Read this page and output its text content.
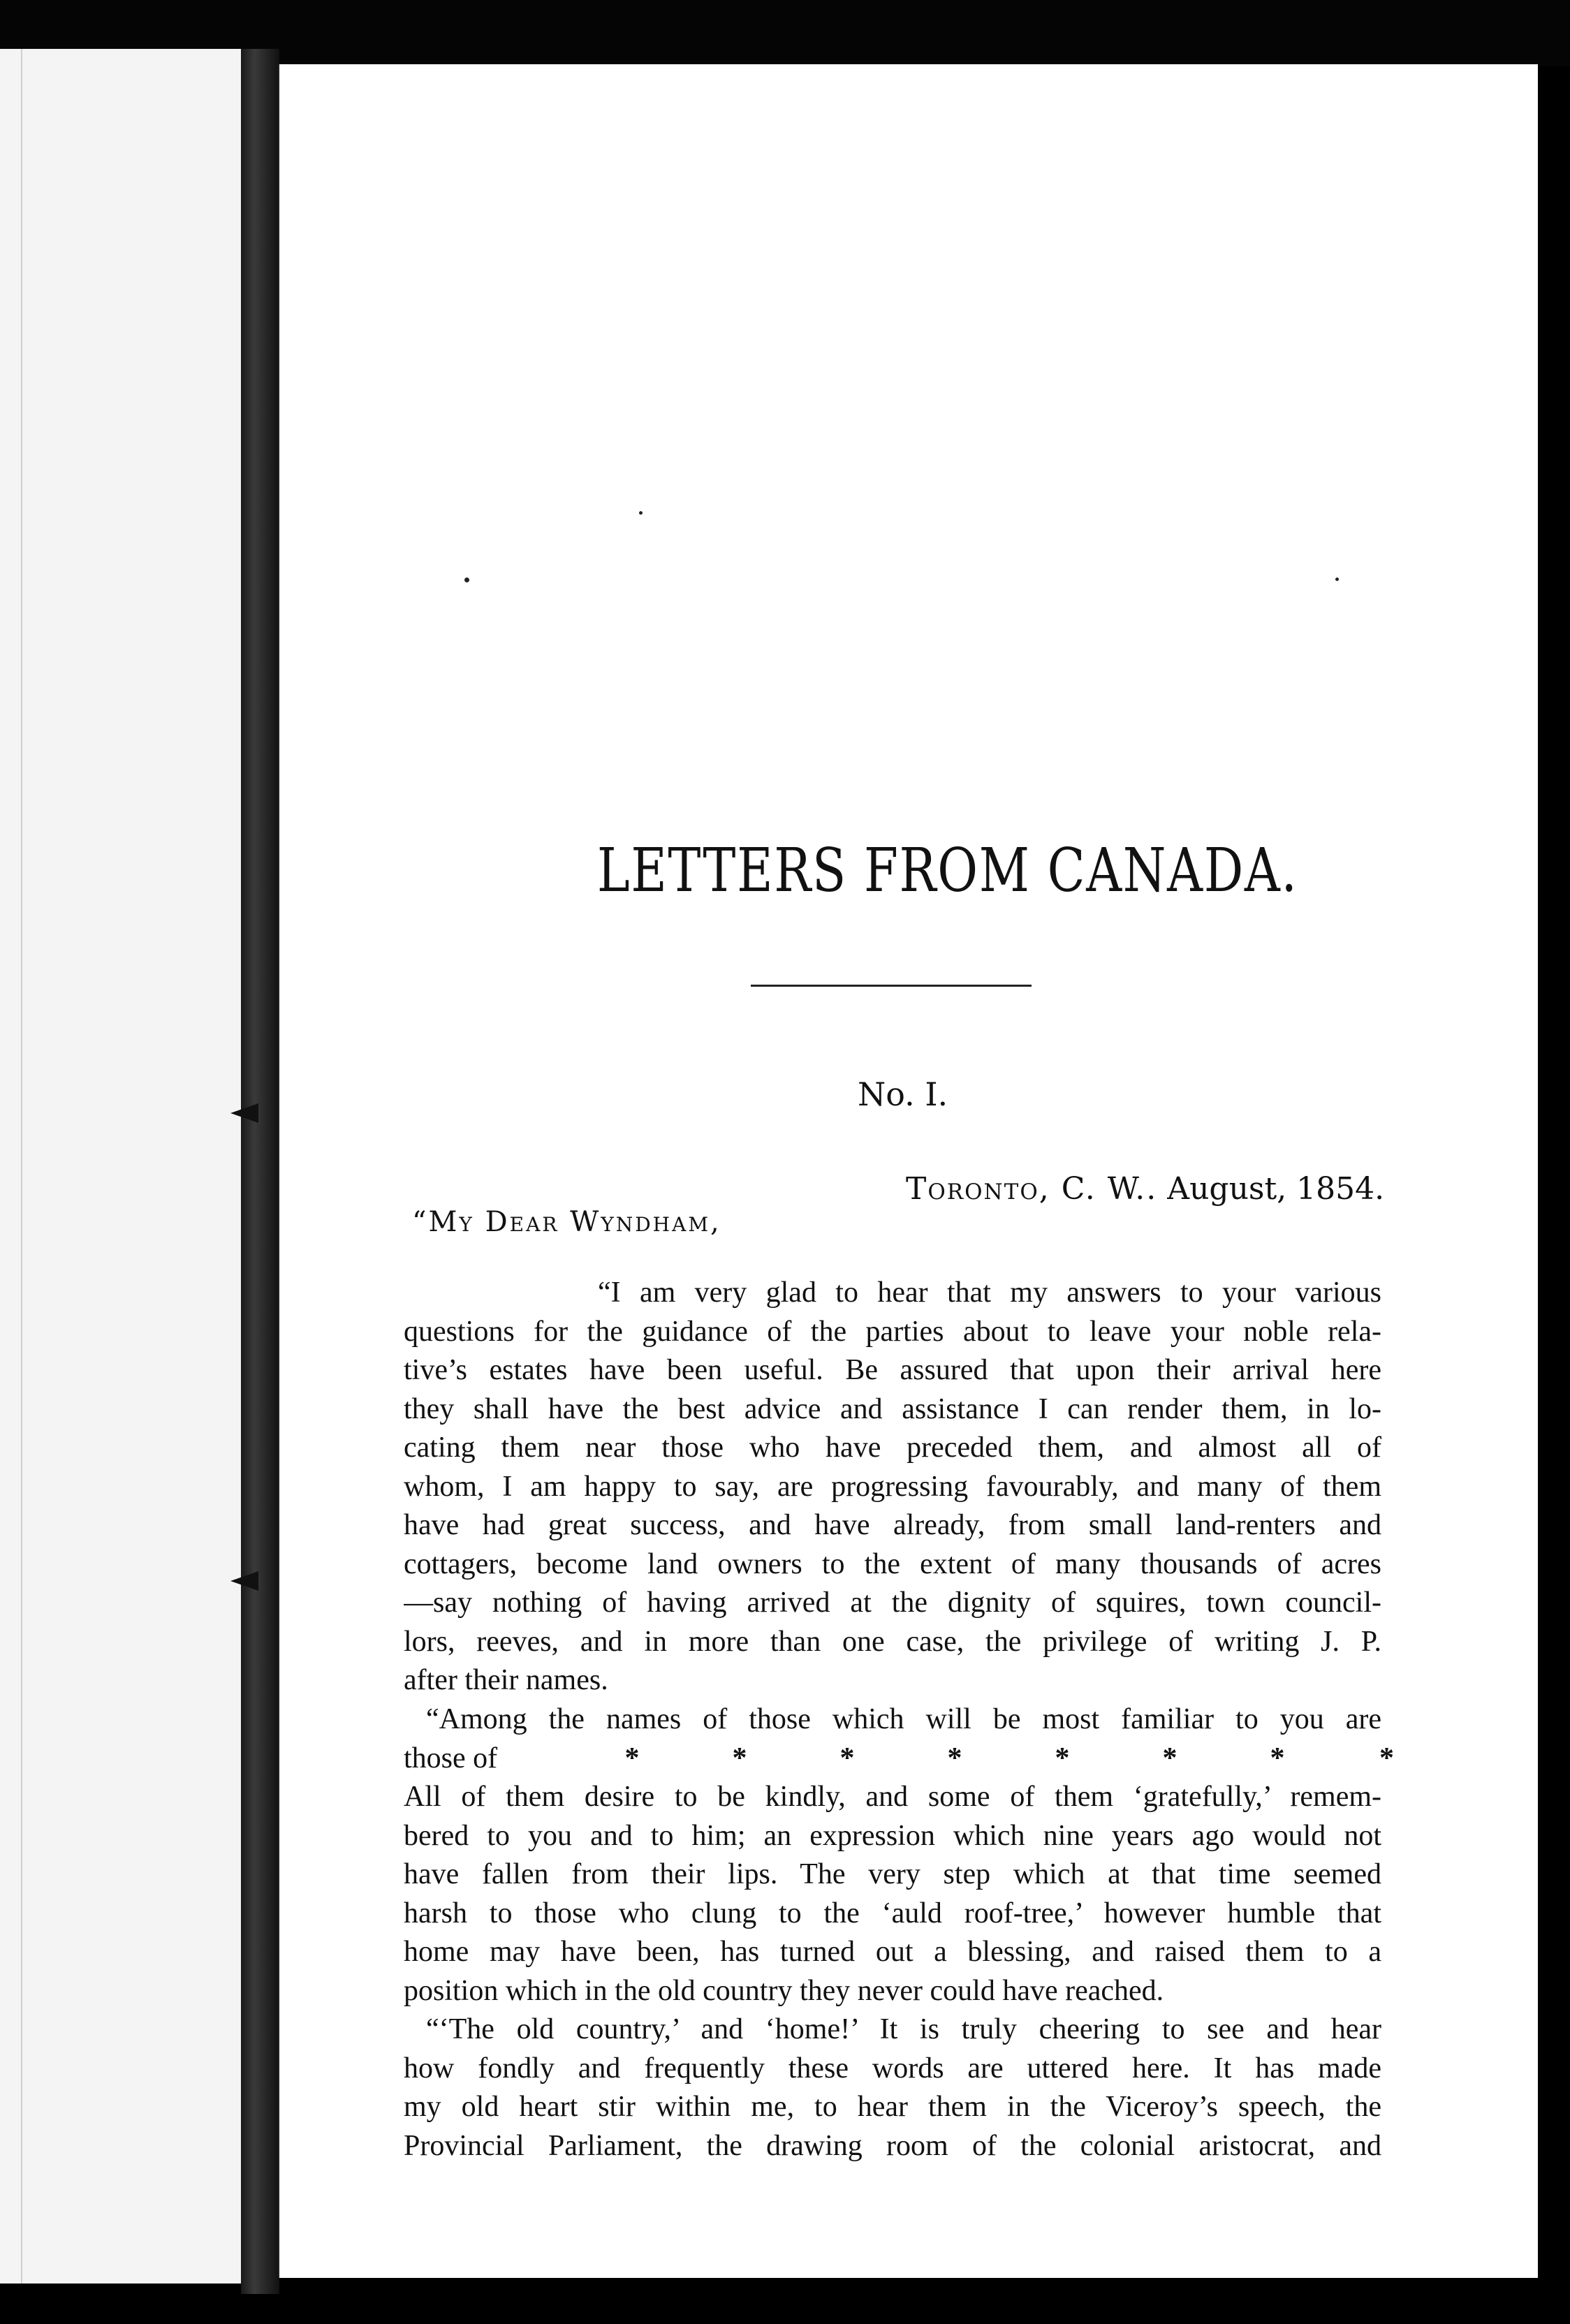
LETTERS FROM CANADA.
No. I.
Toronto, C. W.. August, 1854.
“My Dear Wyndham,
“I am very glad to hear that my answers to your various
questions for the guidance of the parties about to leave your noble rela-
tive’s estates have been useful. Be assured that upon their arrival here
they shall have the best advice and assistance I can render them, in lo-
cating them near those who have preceded them, and almost all of
whom, I am happy to say, are progressing favourably, and many of them
have had great success, and have already, from small land-renters and
cottagers, become land owners to the extent of many thousands of acres
—say nothing of having arrived at the dignity of squires, town council-
lors, reeves, and in more than one case, the privilege of writing J. P.
after their names.
“Among the names of those which will be most familiar to you are
those of	*	*	*	*	*	*	*	*
All of them desire to be kindly, and some of them ‘gratefully,’ remem-
bered to you and to him; an expression which nine years ago would not
have fallen from their lips. The very step which at that time seemed
harsh to those who clung to the ‘auld roof-tree,’ however humble that
home may have been, has turned out a blessing, and raised them to a
position which in the old country they never could have reached.
“‘The old country,’ and ‘home!’ It is truly cheering to see and hear
how fondly and frequently these words are uttered here. It has made
my old heart stir within me, to hear them in the Viceroy’s speech, the
Provincial Parliament, the drawing room of the colonial aristocrat, and
